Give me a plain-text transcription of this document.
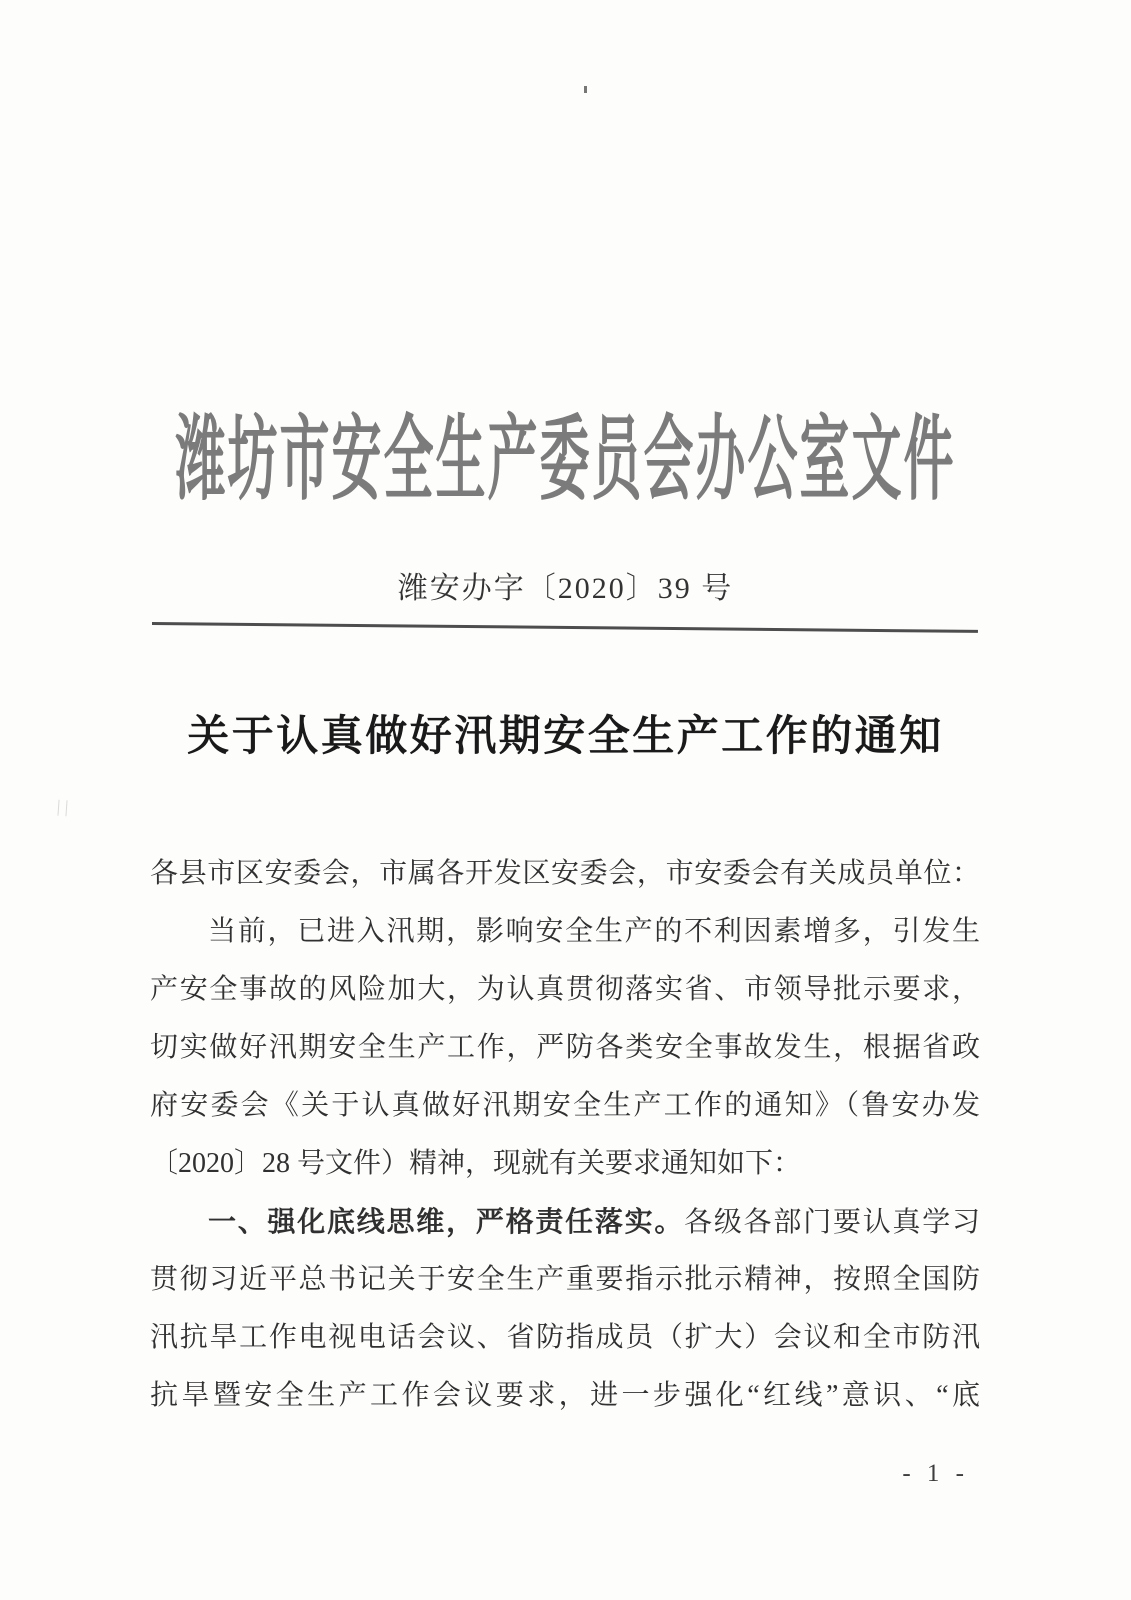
潍坊市安全生产委员会办公室文件
潍安办字〔2020〕39 号
关于认真做好汛期安全生产工作的通知
各县市区安委会，市属各开发区安委会，市安委会有关成员单位：
当前，已进入汛期，影响安全生产的不利因素增多，引发生
产安全事故的风险加大，为认真贯彻落实省、市领导批示要求，
切实做好汛期安全生产工作，严防各类安全事故发生，根据省政
府安委会《关于认真做好汛期安全生产工作的通知》（鲁安办发
〔2020〕28 号文件）精神，现就有关要求通知如下：
一、强化底线思维，严格责任落实。各级各部门要认真学习
贯彻习近平总书记关于安全生产重要指示批示精神，按照全国防
汛抗旱工作电视电话会议、省防指成员（扩大）会议和全市防汛
抗旱暨安全生产工作会议要求，进一步强化“红线”意识、“底
- 1 -
